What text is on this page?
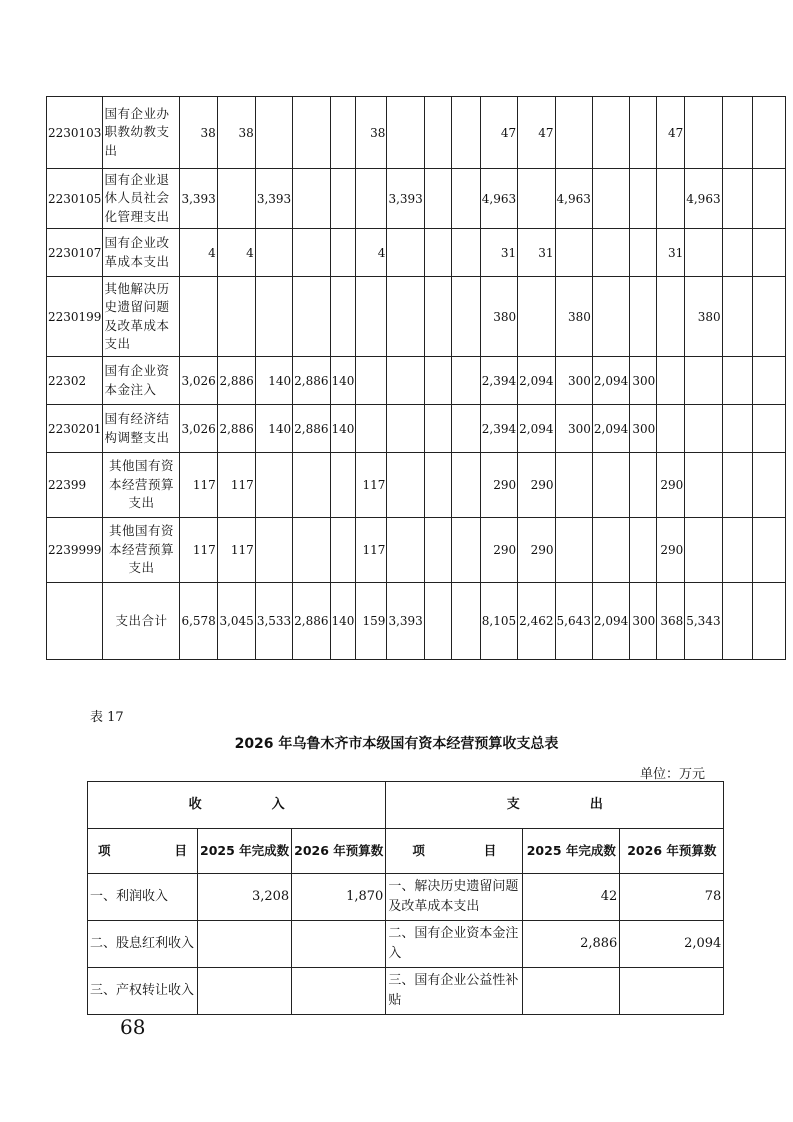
2230103	国有企业办职教幼教支出	38	38				38				47	47				47			
2230105	国有企业退休人员社会化管理支出	3,393		3,393				3,393			4,963		4,963				4,963		
2230107	国有企业改革成本支出	4	4				4				31	31				31			
2230199	其他解决历史遗留问题及改革成本支出										380		380				380		
22302	国有企业资本金注入	3,026	2,886	140	2,886	140					2,394	2,094	300	2,094	300				
2230201	国有经济结构调整支出	3,026	2,886	140	2,886	140					2,394	2,094	300	2,094	300				
22399	其他国有资本经营预算支出	117	117				117				290	290				290			
2239999	其他国有资本经营预算支出	117	117				117				290	290				290			
	支出合计	6,578	3,045	3,533	2,886	140	159	3,393			8,105	2,462	5,643	2,094	300	368	5,343		
表 17
2026 年乌鲁木齐市本级国有资本经营预算收支总表
单位：万元
收 入			支 出		

项 目	2025 年完成数	2026 年预算数	项 目	2025 年完成数	2026 年预算数
一、利润收入	3,208	1,870	一、解决历史遗留问题及改革成本支出	42	78
二、股息红利收入			二、国有企业资本金注入	2,886	2,094
三、产权转让收入			三、国有企业公益性补贴		
68
